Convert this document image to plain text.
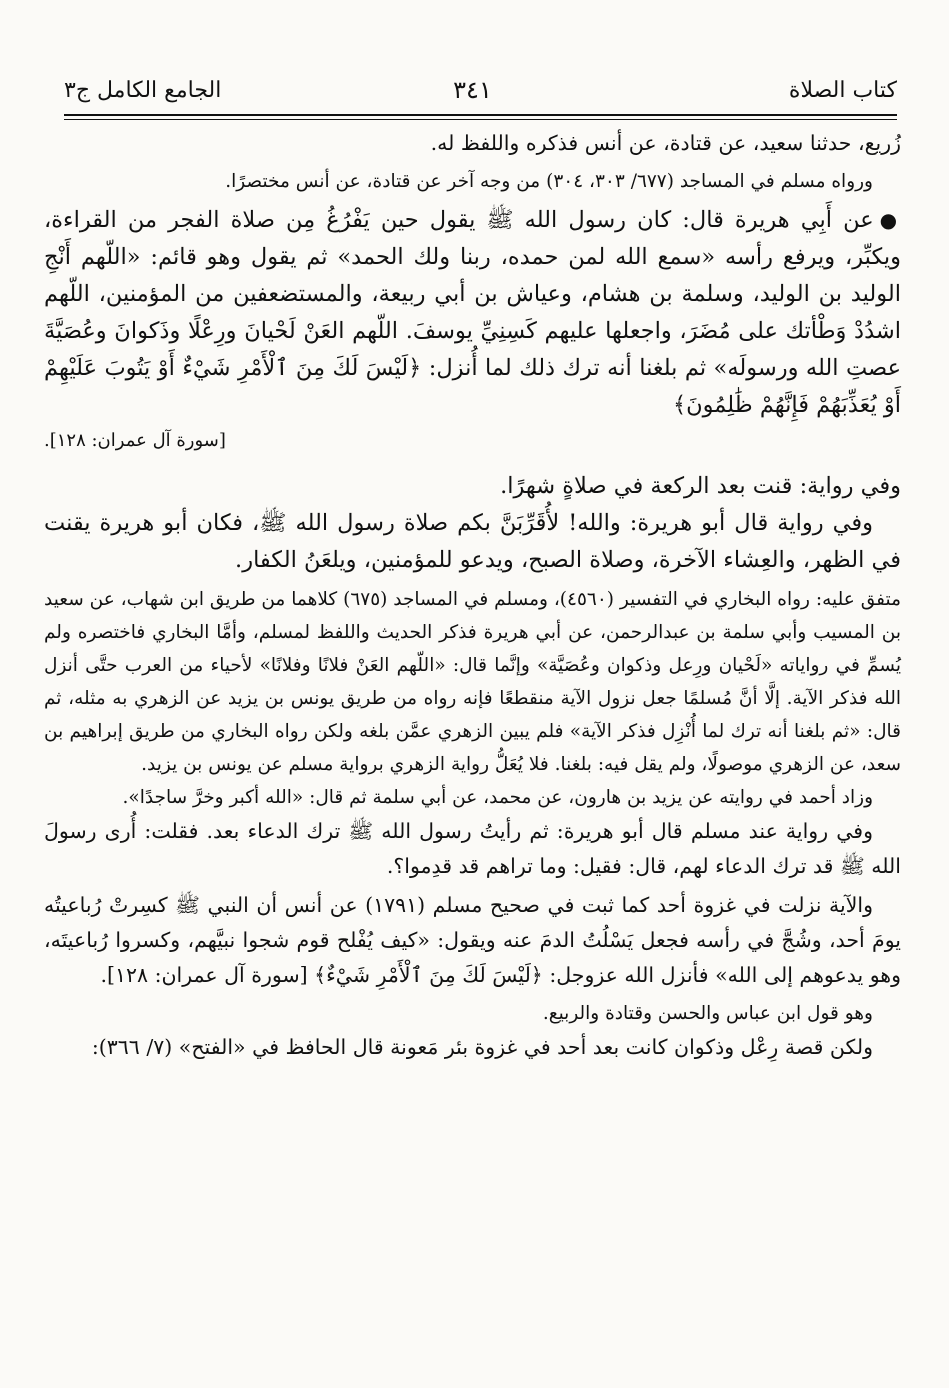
كتاب الصلاة
٣٤١
الجامع الكامل ج٣

زُريع، حدثنا سعيد، عن قتادة، عن أنس فذكره واللفظ له.

ورواه مسلم في المساجد (٦٧٧/ ٣٠٣، ٣٠٤) من وجه آخر عن قتادة، عن أنس مختصرًا.

●عن أَبِي هريرة قال: كان رسول الله ﷺ يقول حين يَفْرُغُ مِن صلاة الفجر من القراءة، ويكبِّر، ويرفع رأسه «سمع الله لمن حمده، ربنا ولك الحمد» ثم يقول وهو قائم: «اللّهم أَنْجِ الوليد بن الوليد، وسلمة بن هشام، وعياش بن أبي ربيعة، والمستضعفين من المؤمنين، اللّهم اشدُدْ وَطْأتك على مُضَرَ، واجعلها عليهم كَسِنِيِّ يوسفَ. اللّهم العَنْ لَحْيانَ ورِعْلًا وذَكوانَ وعُصَيَّةَ عصتِ الله ورسولَه» ثم بلغنا أنه ترك ذلك لما أُنزل: ﴿لَيْسَ لَكَ مِنَ ٱلْأَمْرِ شَيْءٌ أَوْ يَتُوبَ عَلَيْهِمْ أَوْ يُعَذِّبَهُمْ فَإِنَّهُمْ ظَٰلِمُونَ﴾

[سورة آل عمران: ١٢٨].

وفي رواية: قنت بعد الركعة في صلاةٍ شهرًا.

وفي رواية قال أبو هريرة: والله! لأُقَرِّبَنَّ بكم صلاة رسول الله ﷺ، فكان أبو هريرة يقنت في الظهر، والعِشاء الآخرة، وصلاة الصبح، ويدعو للمؤمنين، ويلعَنُ الكفار.

متفق عليه: رواه البخاري في التفسير (٤٥٦٠)، ومسلم في المساجد (٦٧٥) كلاهما من طريق ابن شهاب، عن سعيد بن المسيب وأبي سلمة بن عبدالرحمن، عن أبي هريرة فذكر الحديث واللفظ لمسلم، وأمَّا البخاري فاختصره ولم يُسمِّ في رواياته «لَحْيان ورِعل وذكوان وعُصَيَّة» وإنَّما قال: «اللّهم العَنْ فلانًا وفلانًا» لأحياء من العرب حتَّى أنزل الله فذكر الآية. إلَّا أنَّ مُسلمًا جعل نزول الآية منقطعًا فإنه رواه من طريق يونس بن يزيد عن الزهري به مثله، ثم قال: «ثم بلغنا أنه ترك لما أُنْزِل فذكر الآية» فلم يبين الزهري عمَّن بلغه ولكن رواه البخاري من طريق إبراهيم بن سعد، عن الزهري موصولًا، ولم يقل فيه: بلغنا. فلا يُعَلُّ رواية الزهري برواية مسلم عن يونس بن يزيد.

وزاد أحمد في روايته عن يزيد بن هارون، عن محمد، عن أبي سلمة ثم قال: «الله أكبر وخرَّ ساجدًا».

وفي رواية عند مسلم قال أبو هريرة: ثم رأيتُ رسول الله ﷺ ترك الدعاء بعد. فقلت: أُرى رسولَ الله ﷺ قد ترك الدعاء لهم، قال: فقيل: وما تراهم قد قدِموا؟.

والآية نزلت في غزوة أحد كما ثبت في صحيح مسلم (١٧٩١) عن أنس أن النبي ﷺ كسِرتْ رُباعيتُه يومَ أحد، وشُجَّ في رأسه فجعل يَسْلُتُ الدمَ عنه ويقول: «كيف يُفْلح قوم شجوا نبيَّهم، وكسروا رُباعيتَه، وهو يدعوهم إلى الله» فأنزل الله عزوجل: ﴿لَيْسَ لَكَ مِنَ ٱلْأَمْرِ شَيْءٌ﴾ [سورة آل عمران: ١٢٨].

وهو قول ابن عباس والحسن وقتادة والربيع.

ولكن قصة رِعْل وذكوان كانت بعد أحد في غزوة بئر مَعونة قال الحافظ في «الفتح» (٧/ ٣٦٦):
